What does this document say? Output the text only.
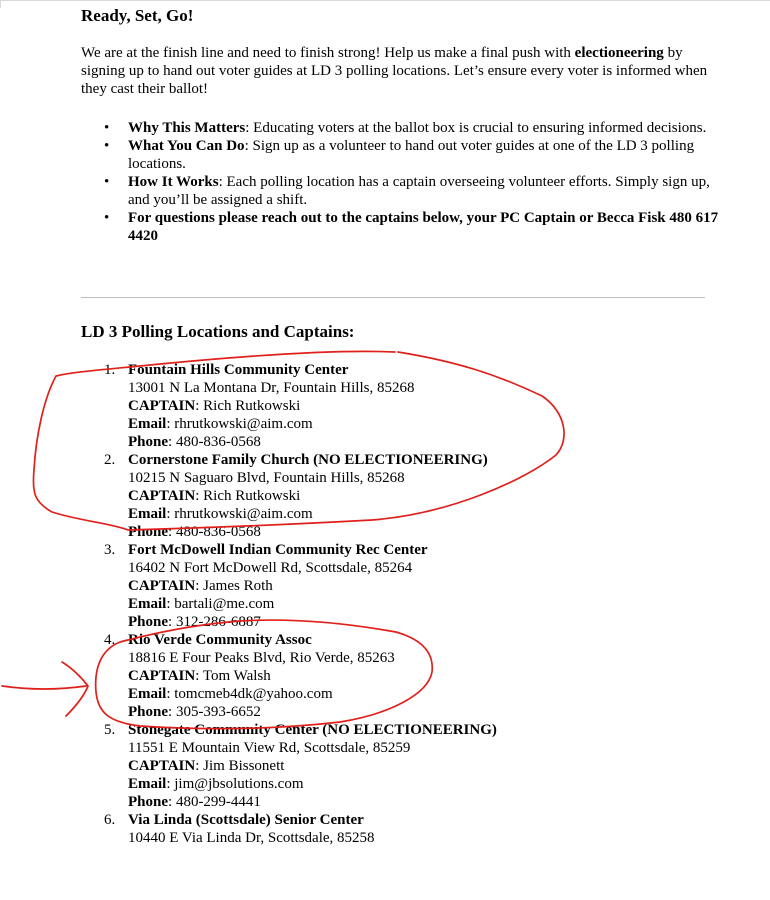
Ready, Set, Go!

We are at the finish line and need to finish strong! Help us make a final push with electioneering by signing up to hand out voter guides at LD 3 polling locations. Let’s ensure every voter is informed when they cast their ballot!

• Why This Matters: Educating voters at the ballot box is crucial to ensuring informed decisions.
• What You Can Do: Sign up as a volunteer to hand out voter guides at one of the LD 3 polling locations.
• How It Works: Each polling location has a captain overseeing volunteer efforts. Simply sign up, and you’ll be assigned a shift.
• For questions please reach out to the captains below, your PC Captain or Becca Fisk 480 617 4420
LD 3 Polling Locations and Captains:
1. Fountain Hills Community Center
13001 N La Montana Dr, Fountain Hills, 85268
CAPTAIN: Rich Rutkowski
Email: rhrutkowski@aim.com
Phone: 480-836-0568
2. Cornerstone Family Church (NO ELECTIONEERING)
10215 N Saguaro Blvd, Fountain Hills, 85268
CAPTAIN: Rich Rutkowski
Email: rhrutkowski@aim.com
Phone: 480-836-0568
3. Fort McDowell Indian Community Rec Center
16402 N Fort McDowell Rd, Scottsdale, 85264
CAPTAIN: James Roth
Email: bartali@me.com
Phone: 312-286-6887
4. Rio Verde Community Assoc
18816 E Four Peaks Blvd, Rio Verde, 85263
CAPTAIN: Tom Walsh
Email: tomcmeb4dk@yahoo.com
Phone: 305-393-6652
5. Stonegate Community Center (NO ELECTIONEERING)
11551 E Mountain View Rd, Scottsdale, 85259
CAPTAIN: Jim Bissonett
Email: jim@jbsolutions.com
Phone: 480-299-4441
6. Via Linda (Scottsdale) Senior Center
10440 E Via Linda Dr, Scottsdale, 85258
